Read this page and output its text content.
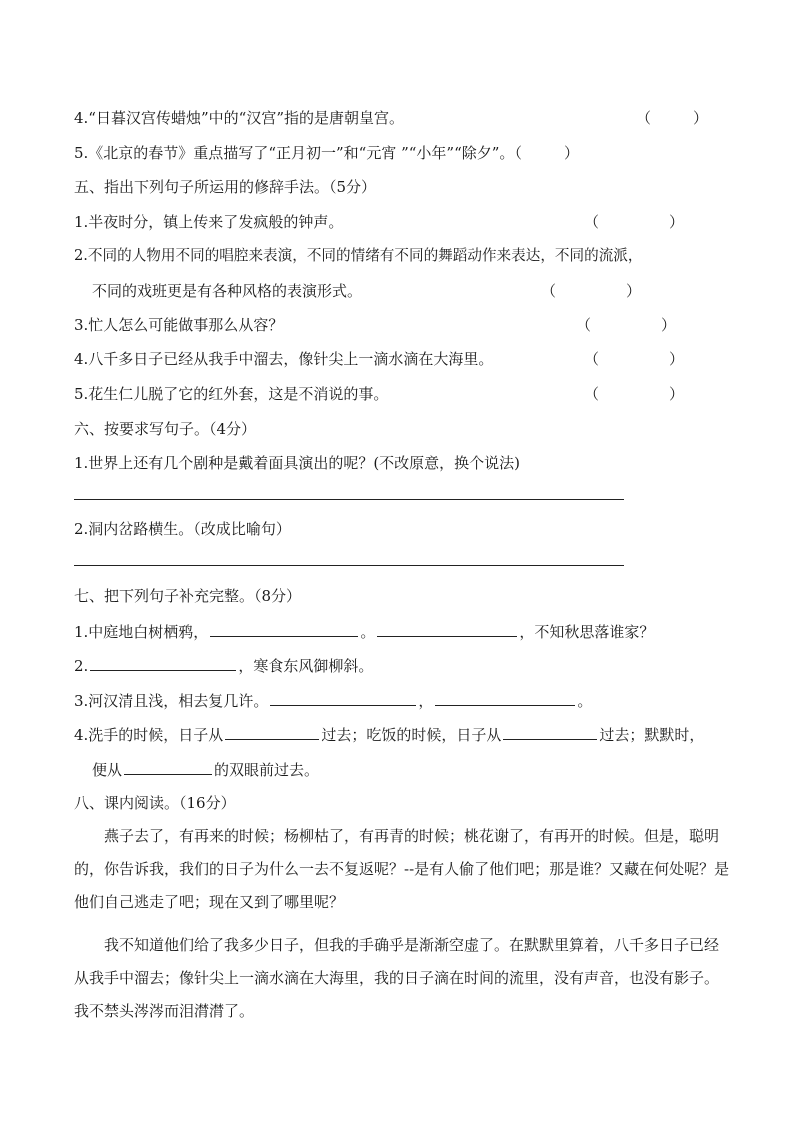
4.“日暮汉宫传蜡烛”中的“汉宫”指的是唐朝皇宫。	（	）
5.《北京的春节》重点描写了“正月初一”和“元宵 ”“小年”“除夕”。（	）
五、指出下列句子所运用的修辞手法。（5分）
1.半夜时分，镇上传来了发疯般的钟声。	（	）
2.不同的人物用不同的唱腔来表演，不同的情绪有不同的舞蹈动作来表达，不同的流派，
不同的戏班更是有各种风格的表演形式。	（	）
3.忙人怎么可能做事那么从容？	（	）
4.八千多日子已经从我手中溜去，像针尖上一滴水滴在大海里。	（	）
5.花生仁儿脱了它的红外套，这是不消说的事。	（	）
六、按要求写句子。（4分）
1.世界上还有几个剧种是戴着面具演出的呢？(不改原意，换个说法)
2.洞内岔路横生。（改成比喻句）
七、把下列句子补充完整。（8分）
1.中庭地白树栖鸦，	。	，不知秋思落谁家？
2.	，寒食东风御柳斜。
3.河汉清且浅，相去复几许。	，	。
4.洗手的时候，日子从	过去；吃饭的时候，日子从	过去；默默时，
便从	的双眼前过去。
八、课内阅读。（16分）
燕子去了，有再来的时候；杨柳枯了，有再青的时候；桃花谢了，有再开的时候。但是，聪明的，你告诉我，我们的日子为什么一去不复返呢？--是有人偷了他们吧；那是谁？又藏在何处呢？是他们自己逃走了吧；现在又到了哪里呢？
我不知道他们给了我多少日子，但我的手确乎是渐渐空虚了。在默默里算着，八千多日子已经从我手中溜去；像针尖上一滴水滴在大海里，我的日子滴在时间的流里，没有声音，也没有影子。我不禁头涔涔而泪潸潸了。
